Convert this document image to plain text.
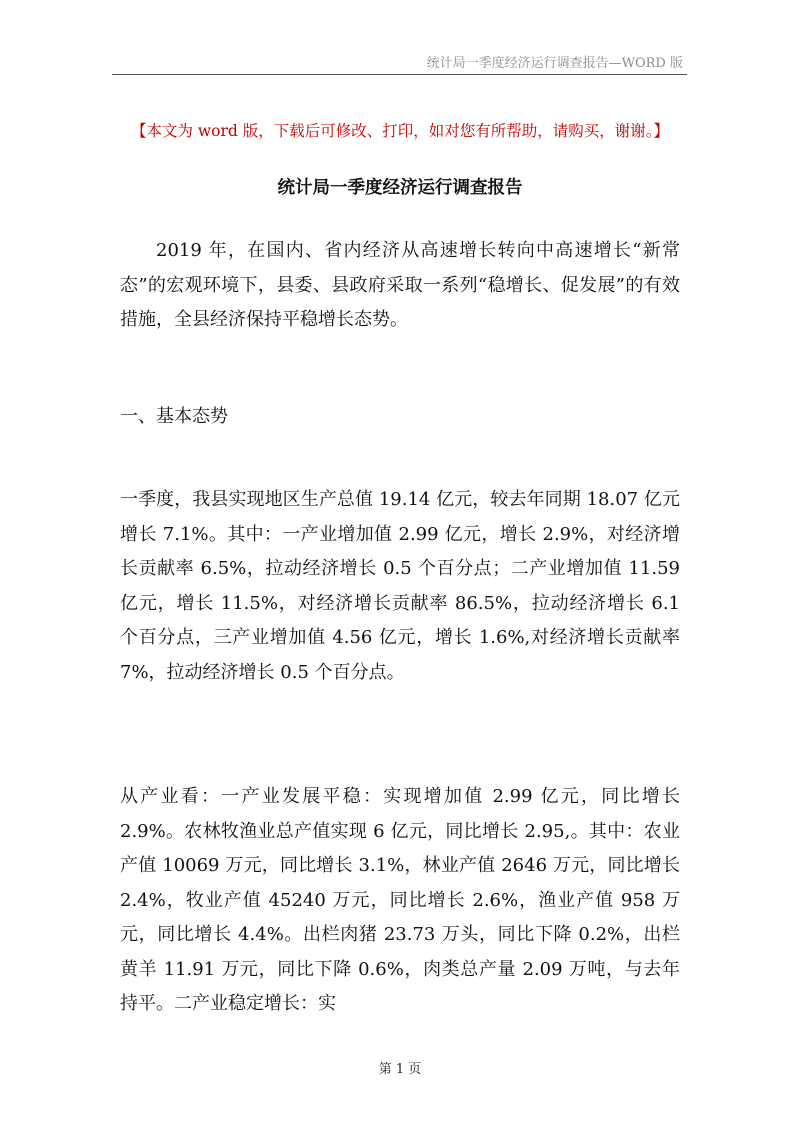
统计局一季度经济运行调查报告—WORD 版
【本文为 word 版，下载后可修改、打印，如对您有所帮助，请购买，谢谢。】
统计局一季度经济运行调查报告

2019 年，在国内、省内经济从高速增长转向中高速增长“新常态”的宏观环境下，县委、县政府采取一系列“稳增长、促发展”的有效措施，全县经济保持平稳增长态势。

一、基本态势

一季度，我县实现地区生产总值 19.14 亿元，较去年同期 18.07 亿元增长 7.1%。其中：一产业增加值 2.99 亿元，增长 2.9%，对经济增长贡献率 6.5%，拉动经济增长 0.5 个百分点；二产业增加值 11.59 亿元，增长 11.5%，对经济增长贡献率 86.5%，拉动经济增长 6.1 个百分点，三产业增加值 4.56 亿元，增长 1.6%,对经济增长贡献率 7%，拉动经济增长 0.5 个百分点。

从产业看：一产业发展平稳：实现增加值 2.99 亿元，同比增长 2.9%。农林牧渔业总产值实现 6 亿元，同比增长 2.95,。其中：农业产值 10069 万元，同比增长 3.1%，林业产值 2646 万元，同比增长 2.4%，牧业产值 45240 万元，同比增长 2.6%，渔业产值 958 万元，同比增长 4.4%。出栏肉猪 23.73 万头，同比下降 0.2%，出栏黄羊 11.91 万元，同比下降 0.6%，肉类总产量 2.09 万吨，与去年持平。二产业稳定增长：实

第 1 页
